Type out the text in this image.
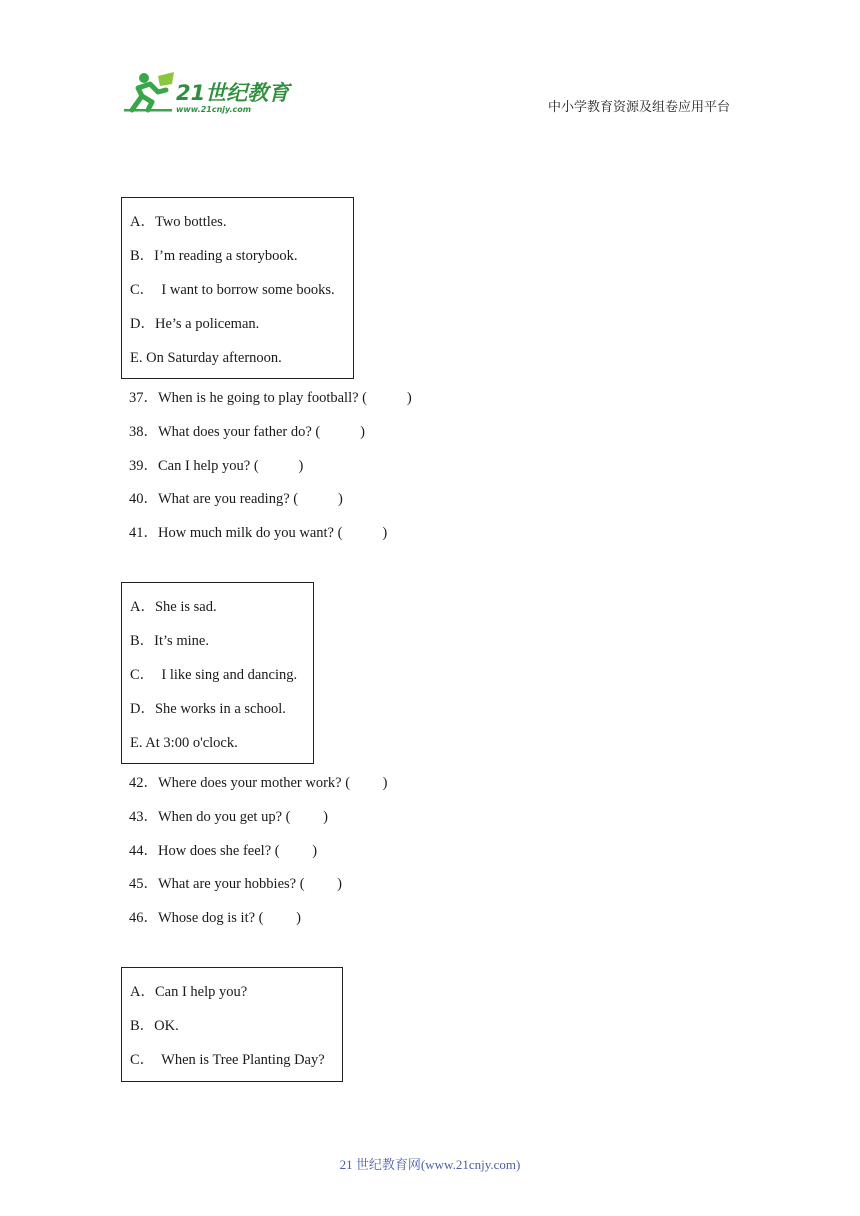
21世纪教育
www.21cnjy.com	中小学教育资源及组卷应用平台
A．Two bottles.
B．I’m reading a storybook.
C．  I want to borrow some books.
D．He’s a policeman.
E. On Saturday afternoon.
37．When is he going to play football? (           )
38．What does your father do? (           )
39．Can I help you? (           )
40．What are you reading? (           )
41．How much milk do you want? (           )
A．She is sad.
B．It’s mine.
C．  I like sing and dancing.
D．She works in a school.
E. At 3:00 o'clock.
42．Where does your mother work? (         )
43．When do you get up? (         )
44．How does she feel? (         )
45．What are your hobbies? (         )
46．Whose dog is it? (         )
A．Can I help you?
B．OK.
C．  When is Tree Planting Day?
21 世纪教育网(www.21cnjy.com)
